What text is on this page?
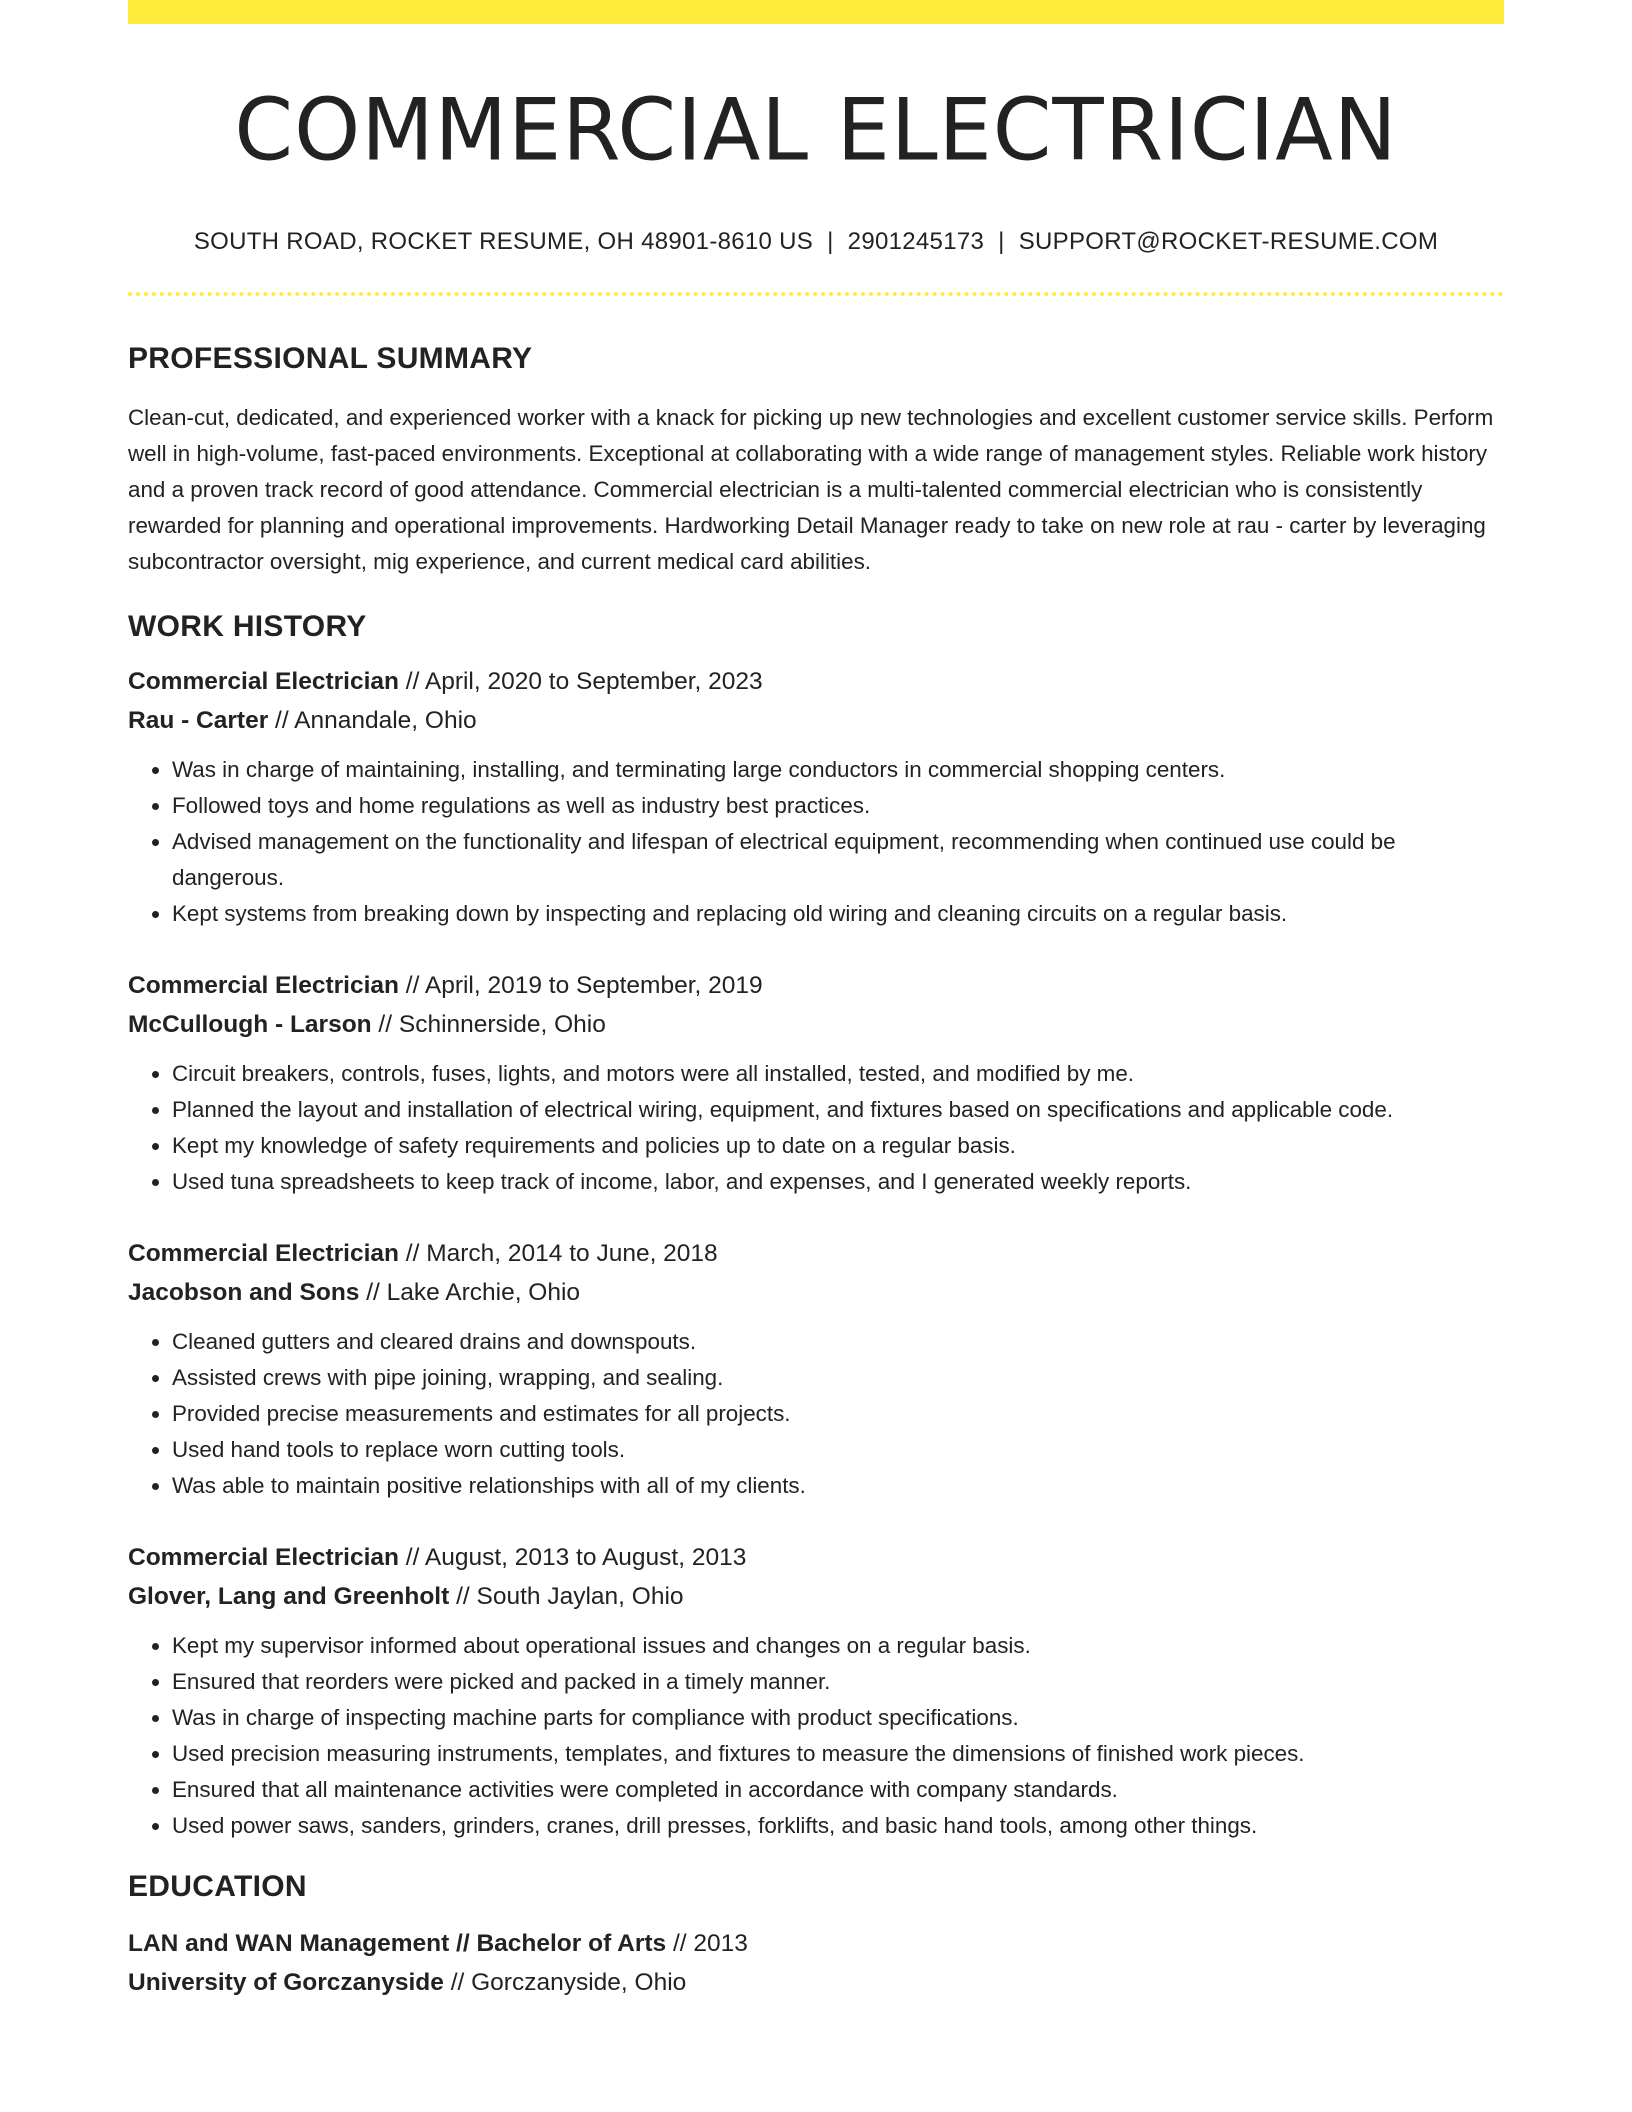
COMMERCIAL ELECTRICIAN
SOUTH ROAD, ROCKET RESUME, OH 48901-8610 US | 2901245173 | SUPPORT@ROCKET-RESUME.COM
PROFESSIONAL SUMMARY
Clean-cut, dedicated, and experienced worker with a knack for picking up new technologies and excellent customer service skills. Perform well in high-volume, fast-paced environments. Exceptional at collaborating with a wide range of management styles. Reliable work history and a proven track record of good attendance. Commercial electrician is a multi-talented commercial electrician who is consistently rewarded for planning and operational improvements. Hardworking Detail Manager ready to take on new role at rau - carter by leveraging subcontractor oversight, mig experience, and current medical card abilities.
WORK HISTORY
Commercial Electrician // April, 2020 to September, 2023
Rau - Carter // Annandale, Ohio
• Was in charge of maintaining, installing, and terminating large conductors in commercial shopping centers.
• Followed toys and home regulations as well as industry best practices.
• Advised management on the functionality and lifespan of electrical equipment, recommending when continued use could be dangerous.
• Kept systems from breaking down by inspecting and replacing old wiring and cleaning circuits on a regular basis.
Commercial Electrician // April, 2019 to September, 2019
McCullough - Larson // Schinnerside, Ohio
• Circuit breakers, controls, fuses, lights, and motors were all installed, tested, and modified by me.
• Planned the layout and installation of electrical wiring, equipment, and fixtures based on specifications and applicable code.
• Kept my knowledge of safety requirements and policies up to date on a regular basis.
• Used tuna spreadsheets to keep track of income, labor, and expenses, and I generated weekly reports.
Commercial Electrician // March, 2014 to June, 2018
Jacobson and Sons // Lake Archie, Ohio
• Cleaned gutters and cleared drains and downspouts.
• Assisted crews with pipe joining, wrapping, and sealing.
• Provided precise measurements and estimates for all projects.
• Used hand tools to replace worn cutting tools.
• Was able to maintain positive relationships with all of my clients.
Commercial Electrician // August, 2013 to August, 2013
Glover, Lang and Greenholt // South Jaylan, Ohio
• Kept my supervisor informed about operational issues and changes on a regular basis.
• Ensured that reorders were picked and packed in a timely manner.
• Was in charge of inspecting machine parts for compliance with product specifications.
• Used precision measuring instruments, templates, and fixtures to measure the dimensions of finished work pieces.
• Ensured that all maintenance activities were completed in accordance with company standards.
• Used power saws, sanders, grinders, cranes, drill presses, forklifts, and basic hand tools, among other things.
EDUCATION
LAN and WAN Management // Bachelor of Arts // 2013
University of Gorczanyside // Gorczanyside, Ohio
